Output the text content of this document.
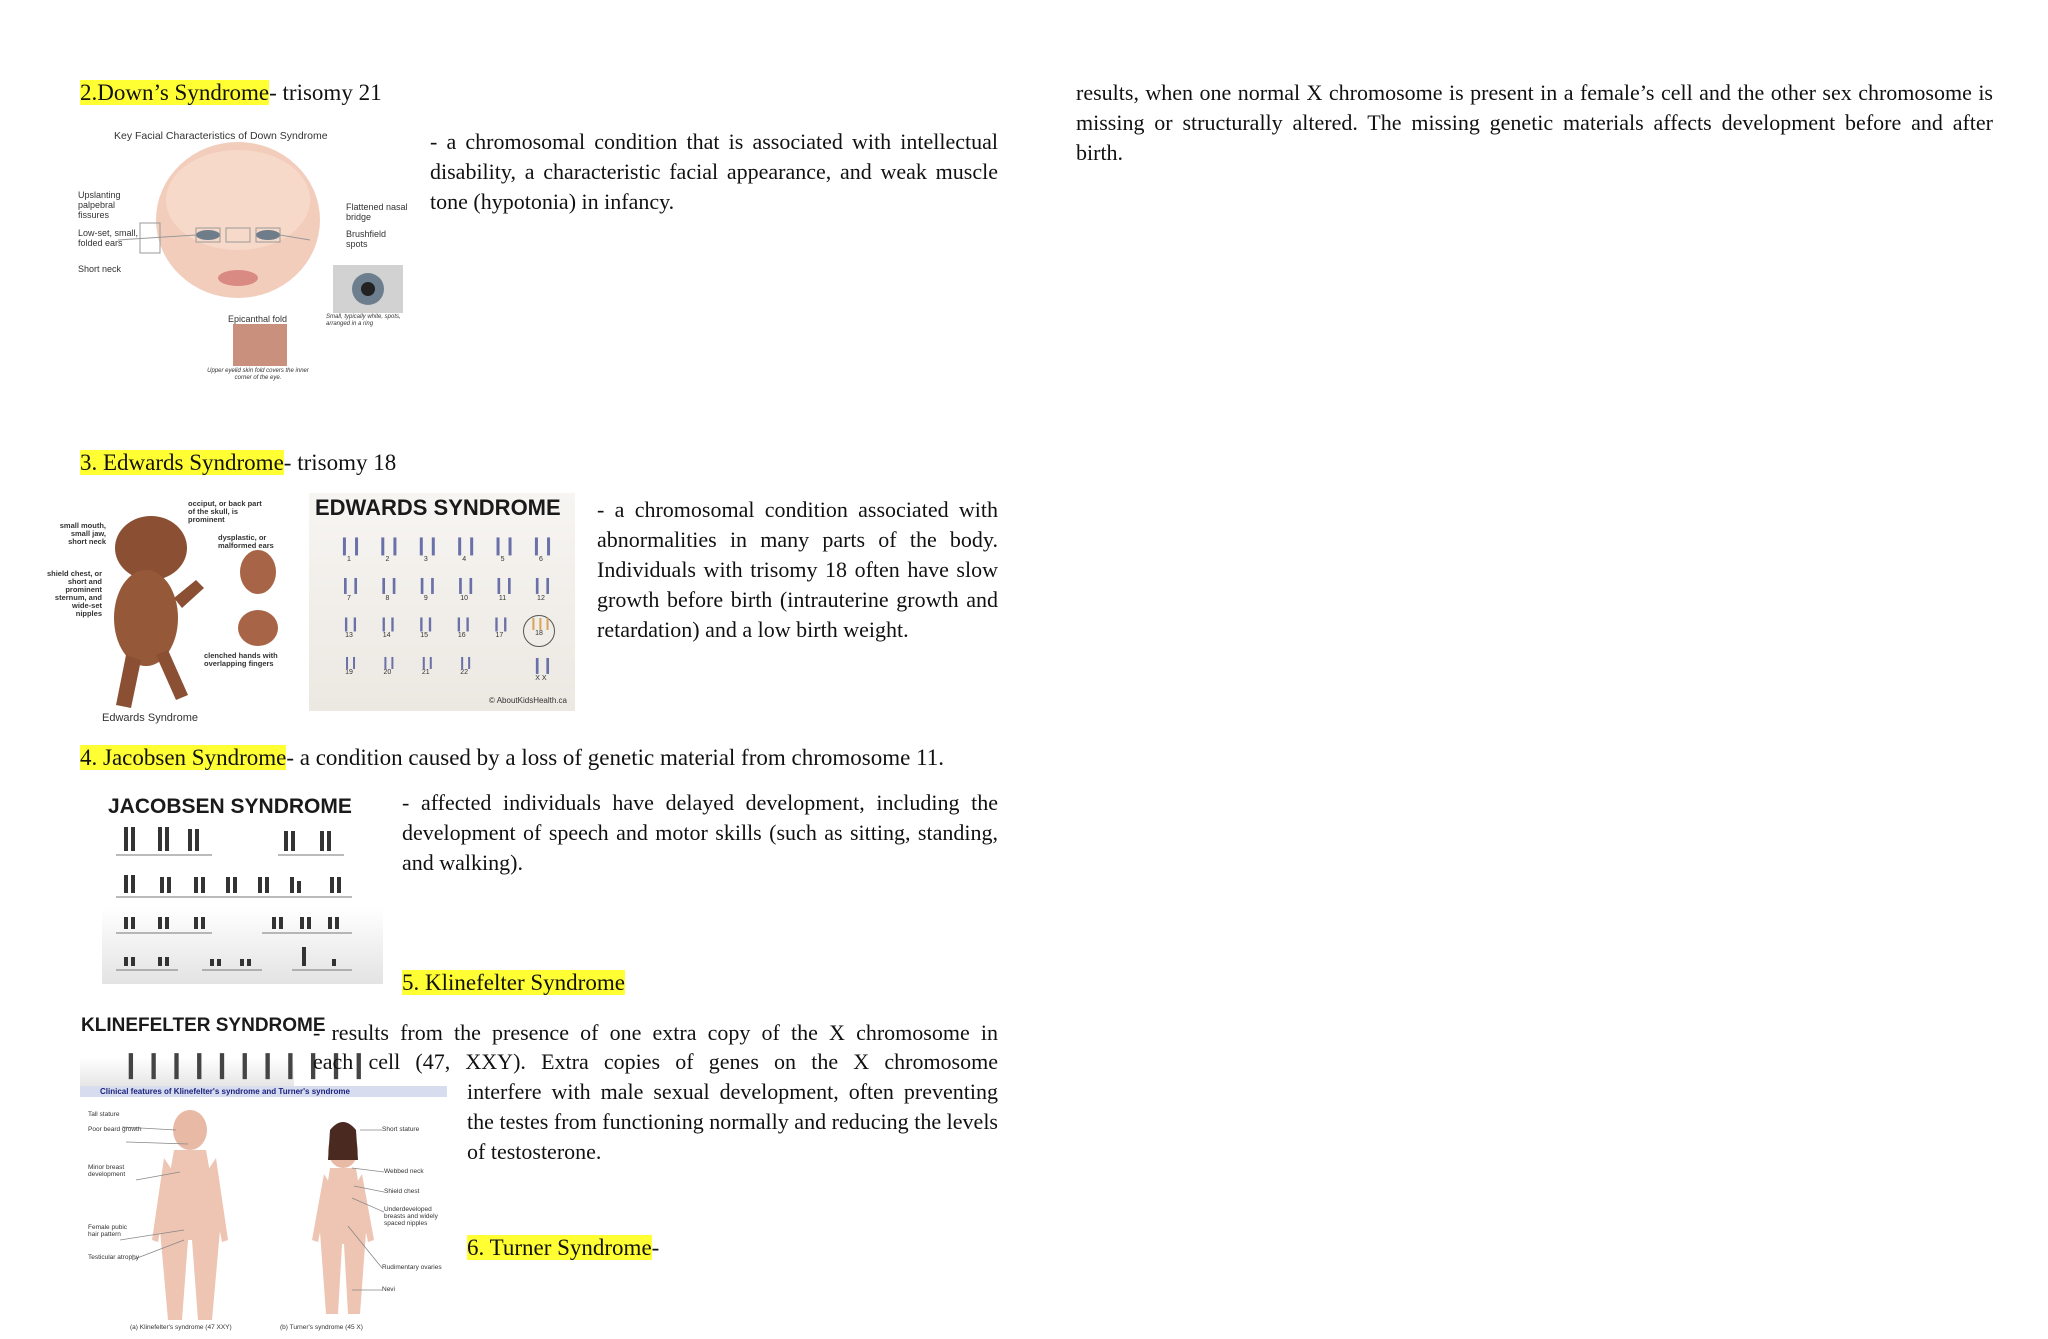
2.Down’s Syndrome- trisomy 21
Key Facial Characteristics of Down Syndrome
Upslanting palpebral fissures
Low-set, small, folded ears
Short neck
Flattened nasal bridge
Brushfield spots
Epicanthal fold	Small, typically white, spots, arranged in a ring
Upper eyelid skin fold covers the inner corner of the eye.
- a chromosomal condition that is associated with intellectual disability, a characteristic facial appearance, and weak muscle tone (hypotonia) in infancy.
3. Edwards Syndrome- trisomy 18
occiput, or back part of the skull, is prominent
small mouth, small jaw, short neck	dysplastic, or malformed ears
shield chest, or short and prominent sternum, and wide-set nipples
clenched hands with overlapping fingers
Edwards Syndrome
EDWARDS SYNDROME
❙❙
1
❙❙
2
❙❙
3
❙❙
4
❙❙
5
❙❙
6
❙❙
7
❙❙
8
❙❙
9
❙❙
10
❙❙
11
❙❙
12
❙❙
13
❙❙
14
❙❙
15
❙❙
16
❙❙
17
❙❙❙
18
❙❙
19
❙❙
20
❙❙
21
❙❙
22	❙❙
X X
© AboutKidsHealth.ca
- a chromosomal condition associated with abnormalities in many parts of the body. Individuals with trisomy 18 often have slow growth before birth (intrauterine growth and retardation) and a low birth weight.
4. Jacobsen Syndrome- a condition caused by a loss of genetic material from chromosome 11.
JACOBSEN SYNDROME - affected individuals have delayed development, including the development of speech and motor skills (such as sitting, standing, and walking).
5. Klinefelter Syndrome
KLINEFELTER SYNDROME
❙❙❙❙❙❙❙❙❙❙❙
Clinical features of Klinefelter's syndrome and Turner's syndrome
Tall stature
Poor beard growth
Minor breast development
Female pubic hair pattern
Testicular atrophy
Short stature
Webbed neck
Shield chest
Underdeveloped breasts and widely spaced nipples
Rudimentary ovaries
Nevi
(a) Klinefelter's syndrome (47 XXY)	(b) Turner's syndrome (45 X)
- results from the presence of one extra copy of the X chromosome in
each cell (47, XXY). Extra copies of genes on the X chromosome
interfere with male sexual development, often preventing the testes from functioning normally and reducing the levels of testosterone.
6. Turner Syndrome-
results, when one normal X chromosome is present in a female’s cell and the other sex chromosome is missing or structurally altered. The missing genetic materials affects development before and after birth.
